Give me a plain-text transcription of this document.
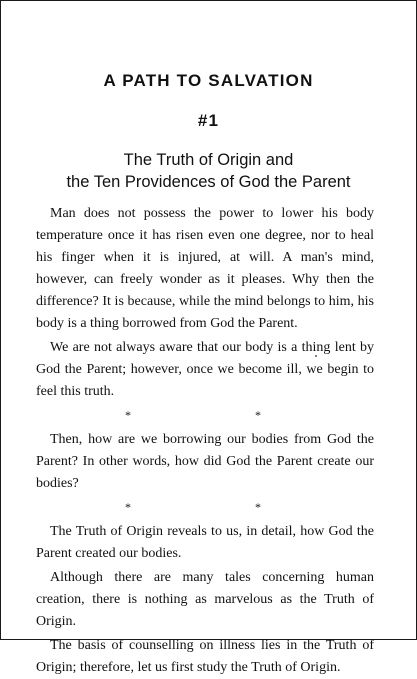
A PATH TO SALVATION
#1

The Truth of Origin and

the Ten Providences of God the Parent

Man does not possess the power to lower his body temperature once it has risen even one degree, nor to heal his finger when it is injured, at will. A man's mind, however, can freely wonder as it pleases. Why then the difference? It is because, while the mind belongs to him, his body is a thing borrowed from God the Parent.

We are not always aware that our body is a thing lent by God the Parent; however, once we become ill, we begin to feel this truth.

*	*

Then, how are we borrowing our bodies from God the Parent? In other words, how did God the Parent create our bodies?

*	*

The Truth of Origin reveals to us, in detail, how God the Parent created our bodies.

Although there are many tales concerning human creation, there is nothing as marvelous as the Truth of Origin.

The basis of counselling on illness lies in the Truth of Origin; therefore, let us first study the Truth of Origin.
